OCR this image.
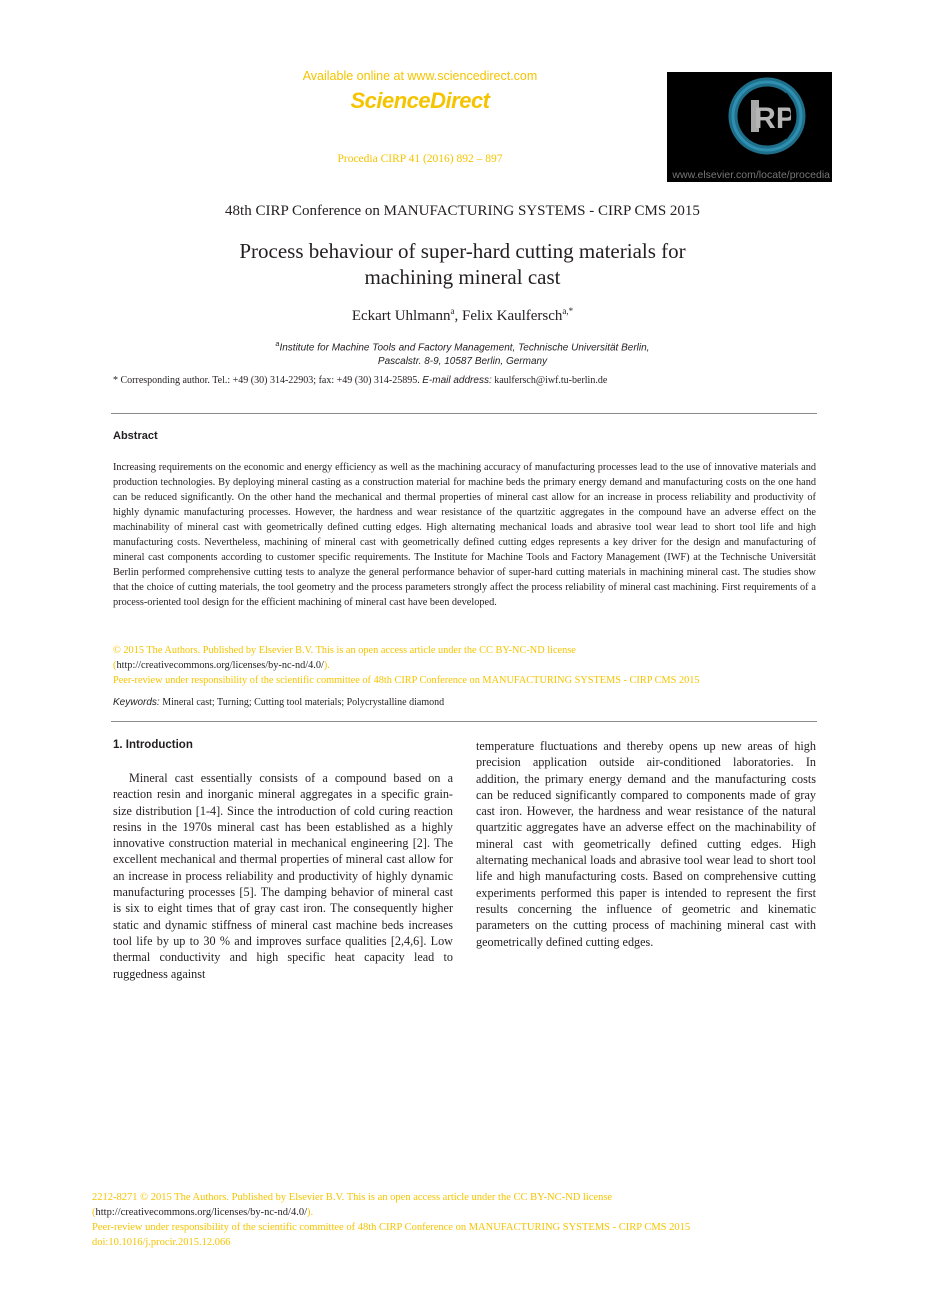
Available online at www.sciencedirect.com
ScienceDirect
Procedia CIRP 41 (2016) 892 – 897
RP
www.elsevier.com/locate/procedia
48th CIRP Conference on MANUFACTURING SYSTEMS - CIRP CMS 2015
Process behaviour of super-hard cutting materials for
machining mineral cast
Eckart Uhlmann$^a$, Felix Kaulfersch$^{a,*}$
$^a$Institute for Machine Tools and Factory Management, Technische Universität Berlin,
Pascalstr. 8-9, 10587 Berlin, Germany
* Corresponding author. Tel.: +49 (30) 314-22903; fax: +49 (30) 314-25895. E-mail address: kaulfersch@iwf.tu-berlin.de
Abstract
Increasing requirements on the economic and energy efficiency as well as the machining accuracy of manufacturing processes lead to the use of innovative materials and production technologies. By deploying mineral casting as a construction material for machine beds the primary energy demand and manufacturing costs on the one hand can be reduced significantly. On the other hand the mechanical and thermal properties of mineral cast allow for an increase in process reliability and productivity of highly dynamic manufacturing processes. However, the hardness and wear resistance of the quartzitic aggregates in the compound have an adverse effect on the machinability of mineral cast with geometrically defined cutting edges. High alternating mechanical loads and abrasive tool wear lead to short tool life and high manufacturing costs. Nevertheless, machining of mineral cast with geometrically defined cutting edges represents a key driver for the design and manufacturing of mineral cast components according to customer specific requirements. The Institute for Machine Tools and Factory Management (IWF) at the Technische Universität Berlin performed comprehensive cutting tests to analyze the general performance behavior of super-hard cutting materials in machining mineral cast. The studies show that the choice of cutting materials, the tool geometry and the process parameters strongly affect the process reliability of mineral cast machining. First requirements of a process-oriented tool design for the efficient machining of mineral cast have been developed.
© 2015 The Authors. Published by Elsevier B.V. This is an open access article under the CC BY-NC-ND license
(http://creativecommons.org/licenses/by-nc-nd/4.0/).
Peer-review under responsibility of the scientific committee of 48th CIRP Conference on MANUFACTURING SYSTEMS - CIRP CMS 2015
Keywords: Mineral cast; Turning; Cutting tool materials; Polycrystalline diamond
1. Introduction

Mineral cast essentially consists of a compound based on a reaction resin and inorganic mineral aggregates in a specific grain-size distribution [1-4]. Since the introduction of cold curing reaction resins in the 1970s mineral cast has been established as a highly innovative construction material in mechanical engineering [2]. The excellent mechanical and thermal properties of mineral cast allow for an increase in process reliability and productivity of highly dynamic manufacturing processes [5]. The damping behavior of mineral cast is six to eight times that of gray cast iron. The consequently higher static and dynamic stiffness of mineral cast machine beds increases tool life by up to 30 % and improves surface qualities [2,4,6]. Low thermal conductivity and high specific heat capacity lead to ruggedness against

temperature fluctuations and thereby opens up new areas of high precision application outside air-conditioned laboratories. In addition, the primary energy demand and the manufacturing costs can be reduced significantly compared to components made of gray cast iron. However, the hardness and wear resistance of the natural quartzitic aggregates have an adverse effect on the machinability of mineral cast with geometrically defined cutting edges. High alternating mechanical loads and abrasive tool wear lead to short tool life and high manufacturing costs. Based on comprehensive cutting experiments performed this paper is intended to represent the first results concerning the influence of geometric and kinematic parameters on the cutting process of machining mineral cast with geometrically defined cutting edges.

2212-8271 © 2015 The Authors. Published by Elsevier B.V. This is an open access article under the CC BY-NC-ND license
(http://creativecommons.org/licenses/by-nc-nd/4.0/).
Peer-review under responsibility of the scientific committee of 48th CIRP Conference on MANUFACTURING SYSTEMS - CIRP CMS 2015
doi:10.1016/j.procir.2015.12.066
